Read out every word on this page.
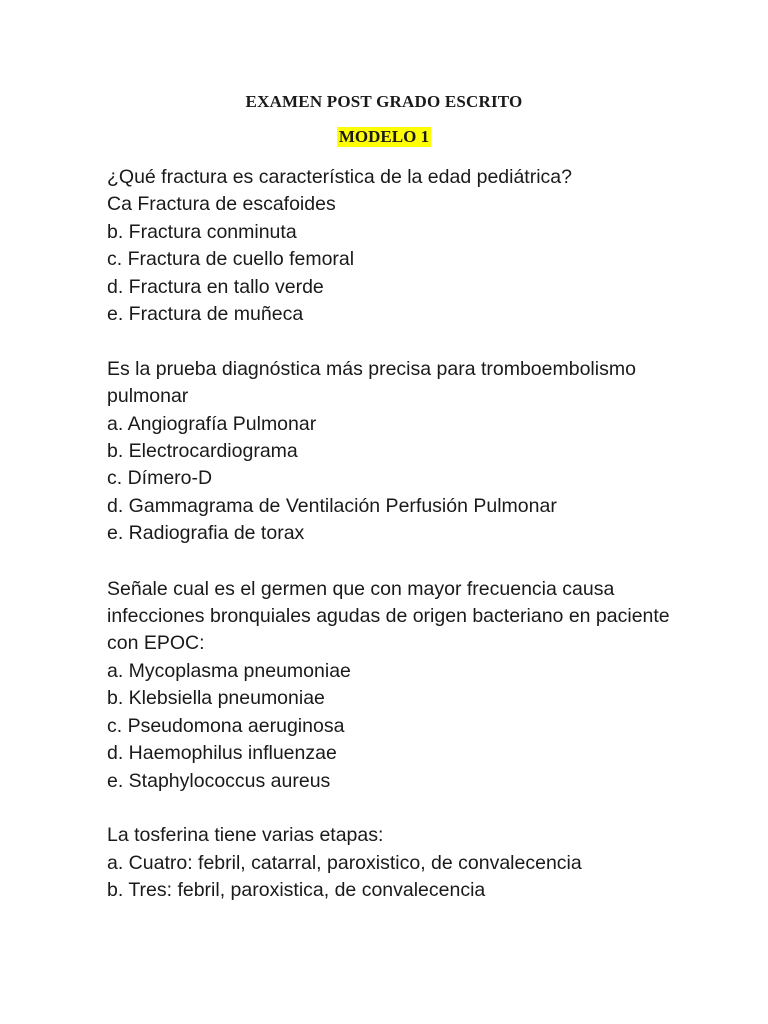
EXAMEN POST GRADO ESCRITO
MODELO 1
¿Qué fractura es característica de la edad pediátrica?
Ca Fractura de escafoides
b. Fractura conminuta
c. Fractura de cuello femoral
d. Fractura en tallo verde
e. Fractura de muñeca
Es la prueba diagnóstica más precisa para tromboembolismo pulmonar
a. Angiografía Pulmonar
b. Electrocardiograma
c. Dímero-D
d. Gammagrama de Ventilación Perfusión Pulmonar
e. Radiografia de torax
Señale cual es el germen que con mayor frecuencia causa infecciones bronquiales agudas de origen bacteriano en paciente con EPOC:
a. Mycoplasma pneumoniae
b. Klebsiella pneumoniae
c. Pseudomona aeruginosa
d. Haemophilus influenzae
e. Staphylococcus aureus
La tosferina tiene varias etapas:
a. Cuatro: febril, catarral, paroxistico, de convalecencia
b. Tres: febril, paroxistica, de convalecencia
